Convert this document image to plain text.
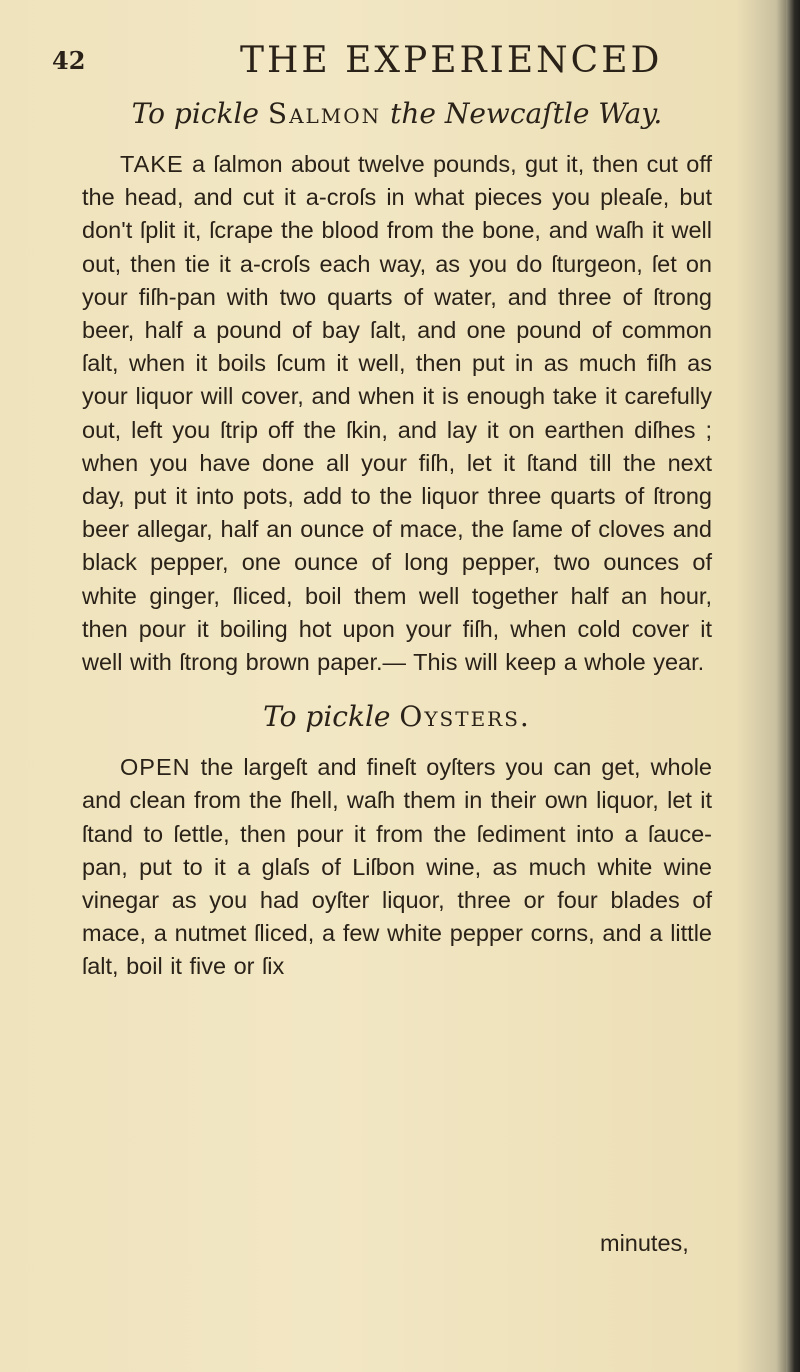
42	THE EXPERIENCED
To pickle Salmon the Newcaſtle Way.

TAKE a ſalmon about twelve pounds, gut it, then cut off the head, and cut it a-croſs in what pieces you pleaſe, but don't ſplit it, ſcrape the blood from the bone, and waſh it well out, then tie it a-croſs each way, as you do ſturgeon, ſet on your fiſh-pan with two quarts of water, and three of ſtrong beer, half a pound of bay ſalt, and one pound of common ſalt, when it boils ſcum it well, then put in as much fiſh as your liquor will cover, and when it is enough take it carefully out, left you ſtrip off the ſkin, and lay it on earthen diſhes ; when you have done all your fiſh, let it ſtand till the next day, put it into pots, add to the liquor three quarts of ſtrong beer allegar, half an ounce of mace, the ſame of cloves and black pepper, one ounce of long pepper, two ounces of white ginger, ſliced, boil them well together half an hour, then pour it boiling hot upon your fiſh, when cold cover it well with ſtrong brown paper.— This will keep a whole year.

To pickle Oysters.

OPEN the largeſt and fineſt oyſters you can get, whole and clean from the ſhell, waſh them in their own liquor, let it ſtand to ſettle, then pour it from the ſediment into a ſauce-pan, put to it a glaſs of Liſbon wine, as much white wine vinegar as you had oyſter liquor, three or four blades of mace, a nutmet ſliced, a few white pepper corns, and a little ſalt, boil it five or ſix

minutes,
